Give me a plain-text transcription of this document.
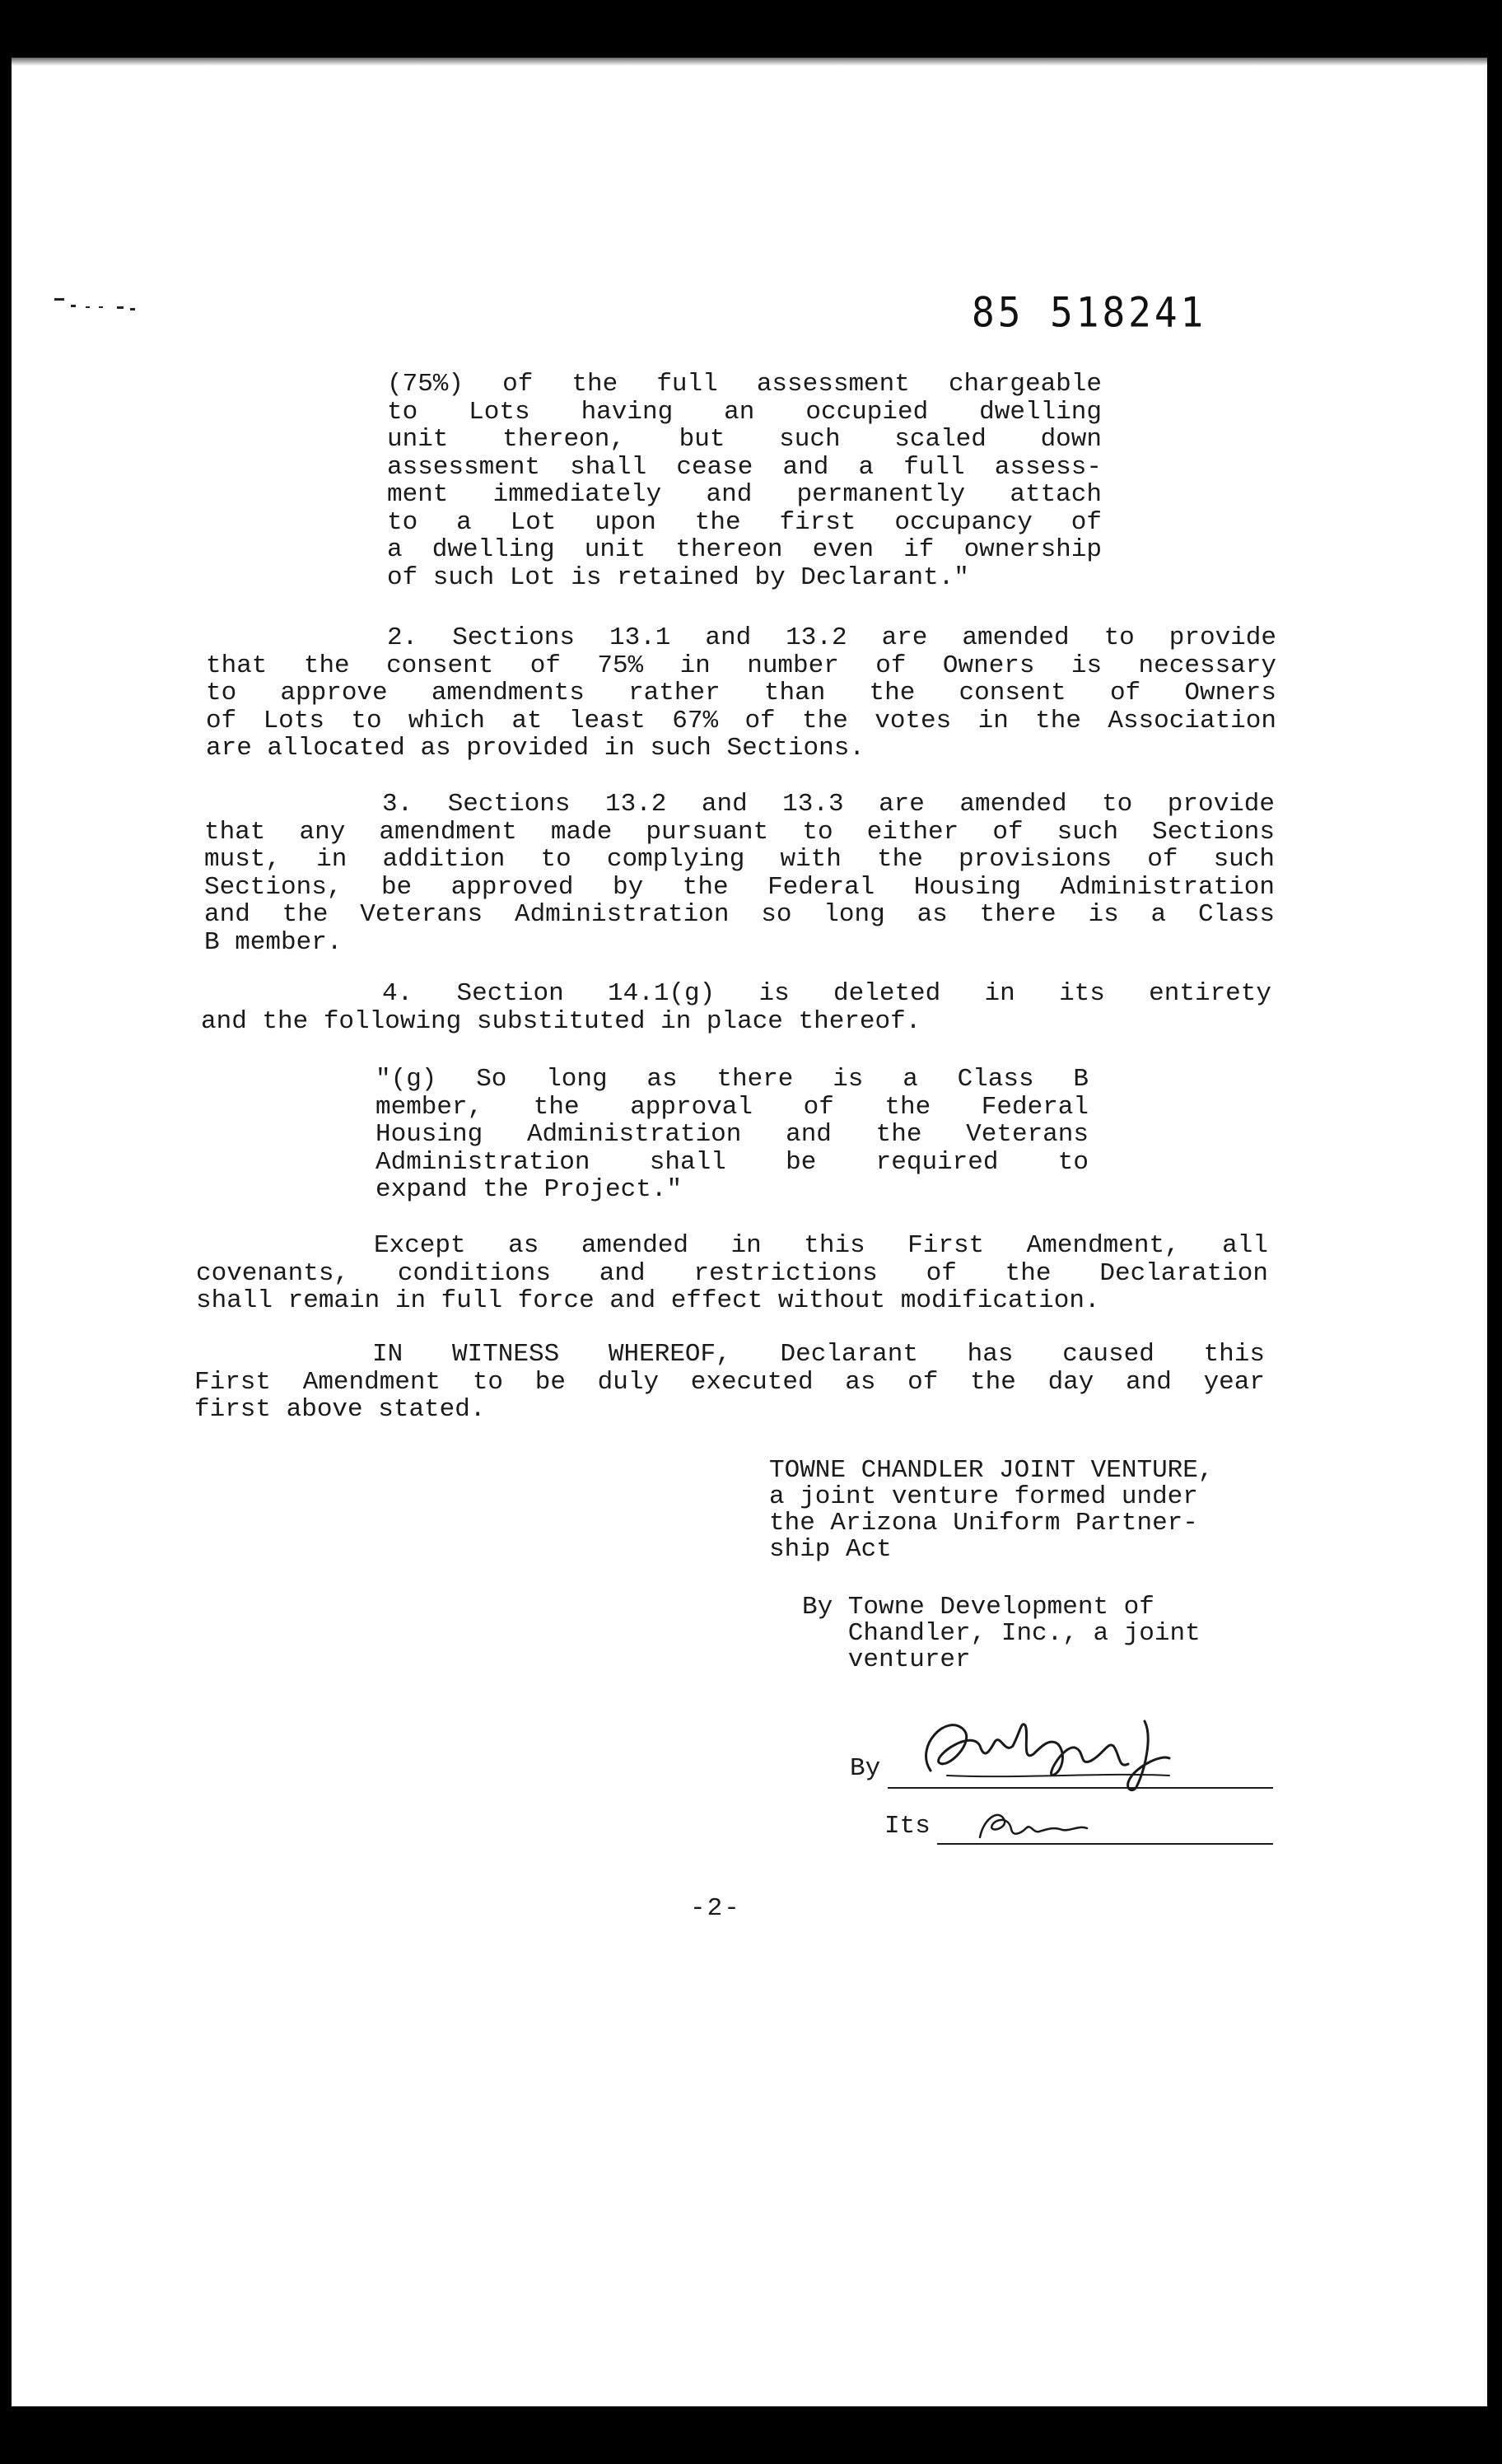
85 518241
(75%) of the full assessment chargeable
to Lots having an occupied dwelling
unit thereon, but such scaled down
assessment shall cease and a full assess-
ment immediately and permanently attach
to a Lot upon the first occupancy of
a dwelling unit thereon even if ownership
of such Lot is retained by Declarant."
2. Sections 13.1 and 13.2 are amended to provide
that the consent of 75% in number of Owners is necessary
to approve amendments rather than the consent of Owners
of Lots to which at least 67% of the votes in the Association
are allocated as provided in such Sections.
3. Sections 13.2 and 13.3 are amended to provide
that any amendment made pursuant to either of such Sections
must, in addition to complying with the provisions of such
Sections, be approved by the Federal Housing Administration
and the Veterans Administration so long as there is a Class
B member.
4. Section 14.1(g) is deleted in its entirety
and the following substituted in place thereof.
"(g) So long as there is a Class B
member, the approval of the Federal
Housing Administration and the Veterans
Administration shall be required to
expand the Project."
Except as amended in this First Amendment, all
covenants, conditions and restrictions of the Declaration
shall remain in full force and effect without modification.
IN WITNESS WHEREOF, Declarant has caused this
First Amendment to be duly executed as of the day and year
first above stated.
TOWNE CHANDLER JOINT VENTURE,
a joint venture formed under
the Arizona Uniform Partner-
ship Act
By Towne Development of
Chandler, Inc., a joint
venturer
By
Its
-2-
